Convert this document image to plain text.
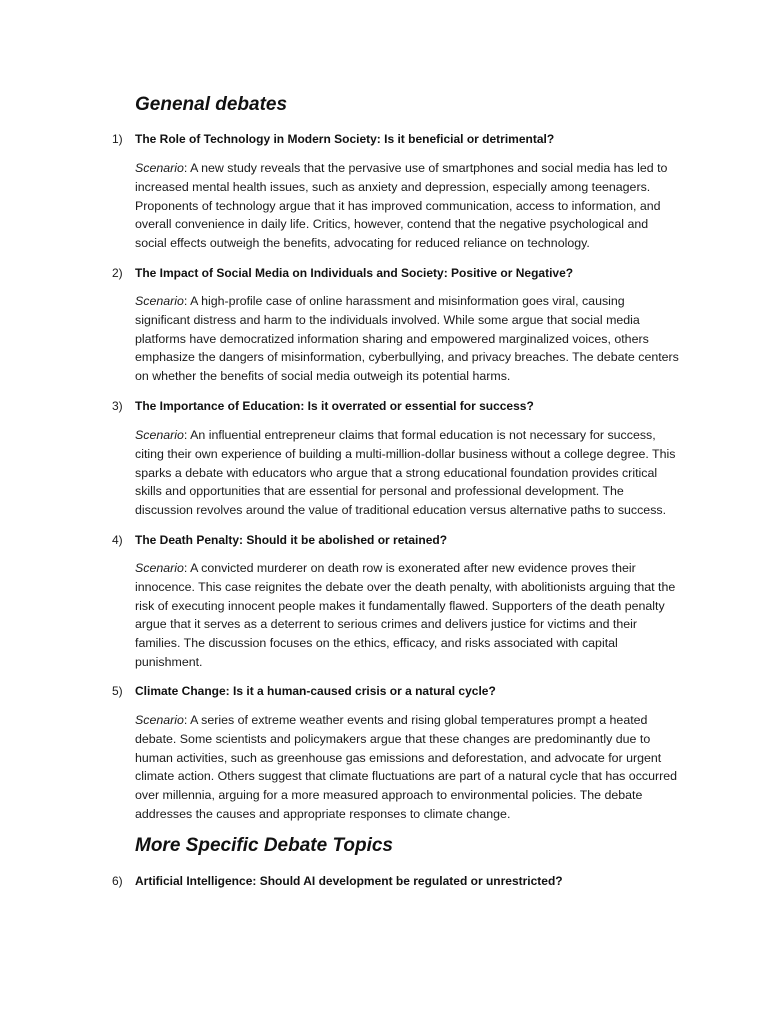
Genenal debates
1) The Role of Technology in Modern Society: Is it beneficial or detrimental?

Scenario: A new study reveals that the pervasive use of smartphones and social media has led to increased mental health issues, such as anxiety and depression, especially among teenagers. Proponents of technology argue that it has improved communication, access to information, and overall convenience in daily life. Critics, however, contend that the negative psychological and social effects outweigh the benefits, advocating for reduced reliance on technology.

2) The Impact of Social Media on Individuals and Society: Positive or Negative?

Scenario: A high-profile case of online harassment and misinformation goes viral, causing significant distress and harm to the individuals involved. While some argue that social media platforms have democratized information sharing and empowered marginalized voices, others emphasize the dangers of misinformation, cyberbullying, and privacy breaches. The debate centers on whether the benefits of social media outweigh its potential harms.

3) The Importance of Education: Is it overrated or essential for success?

Scenario: An influential entrepreneur claims that formal education is not necessary for success, citing their own experience of building a multi-million-dollar business without a college degree. This sparks a debate with educators who argue that a strong educational foundation provides critical skills and opportunities that are essential for personal and professional development. The discussion revolves around the value of traditional education versus alternative paths to success.

4) The Death Penalty: Should it be abolished or retained?

Scenario: A convicted murderer on death row is exonerated after new evidence proves their innocence. This case reignites the debate over the death penalty, with abolitionists arguing that the risk of executing innocent people makes it fundamentally flawed. Supporters of the death penalty argue that it serves as a deterrent to serious crimes and delivers justice for victims and their families. The discussion focuses on the ethics, efficacy, and risks associated with capital punishment.

5) Climate Change: Is it a human-caused crisis or a natural cycle?

Scenario: A series of extreme weather events and rising global temperatures prompt a heated debate. Some scientists and policymakers argue that these changes are predominantly due to human activities, such as greenhouse gas emissions and deforestation, and advocate for urgent climate action. Others suggest that climate fluctuations are part of a natural cycle that has occurred over millennia, arguing for a more measured approach to environmental policies. The debate addresses the causes and appropriate responses to climate change.

More Specific Debate Topics
6) Artificial Intelligence: Should AI development be regulated or unrestricted?
